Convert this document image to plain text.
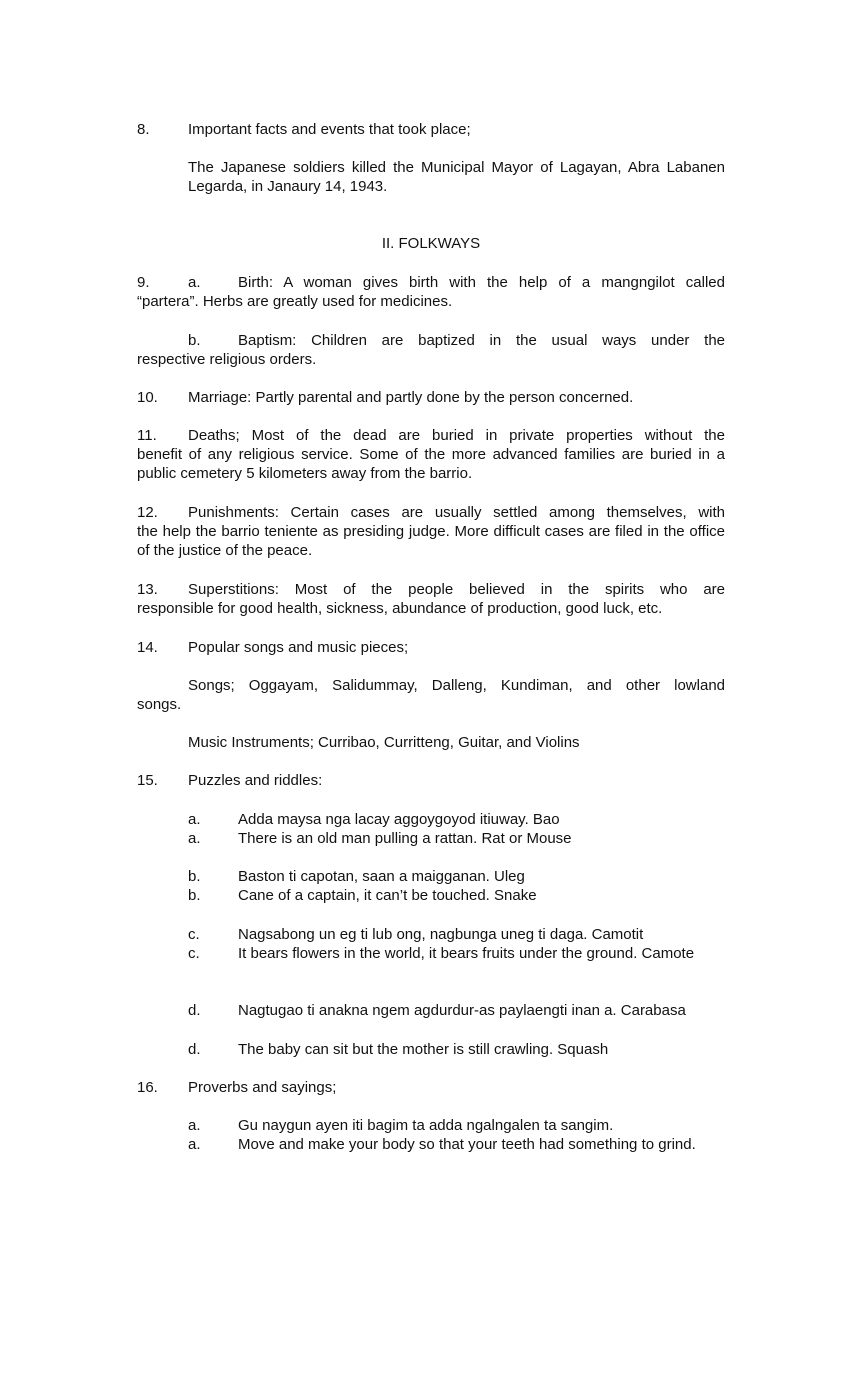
8.	Important facts and events that took place;

The Japanese soldiers killed the Municipal Mayor of Lagayan, Abra Labanen Legarda, in Janaury 14, 1943.

II. FOLKWAYS
9.	a.	Birth: A woman gives birth with the help of a mangngilot called
“partera”. Herbs are greatly used for medicines.
b.	Baptism: Children are baptized in the usual ways under the
respective religious orders.
10. Marriage: Partly parental and partly done by the person concerned.
11.	Deaths; Most of the dead are buried in private properties without the
benefit of any religious service. Some of the more advanced families are buried in a public cemetery 5 kilometers away from the barrio.
12.	Punishments: Certain cases are usually settled among themselves, with
the help the barrio teniente as presiding judge. More difficult cases are filed in the office of the justice of the peace.
13.	Superstitions: Most of the people believed in the spirits who are
responsible for good health, sickness, abundance of production, good luck, etc.
14. Popular songs and music pieces;
Songs; Oggayam, Salidummay, Dalleng, Kundiman, and other lowland
songs.

Music Instruments; Curribao, Curritteng, Guitar, and Violins

15. Puzzles and riddles:
a.	Adda maysa nga lacay aggoygoyod itiuway. Bao
a.	There is an old man pulling a rattan. Rat or Mouse
b.	Baston ti capotan, saan a maigganan. Uleg
b.	Cane of a captain, it can’t be touched. Snake
c.	Nagsabong un eg ti lub ong, nagbunga uneg ti daga. Camotit
c.	It bears flowers in the world, it bears fruits under the ground. Camote
d.	Nagtugao ti anakna ngem agdurdur-as paylaengti inan a. Carabasa
d.	The baby can sit but the mother is still crawling. Squash
16. Proverbs and sayings;
a.	Gu naygun ayen iti bagim ta adda ngalngalen ta sangim.
a.	Move and make your body so that your teeth had something to grind.
